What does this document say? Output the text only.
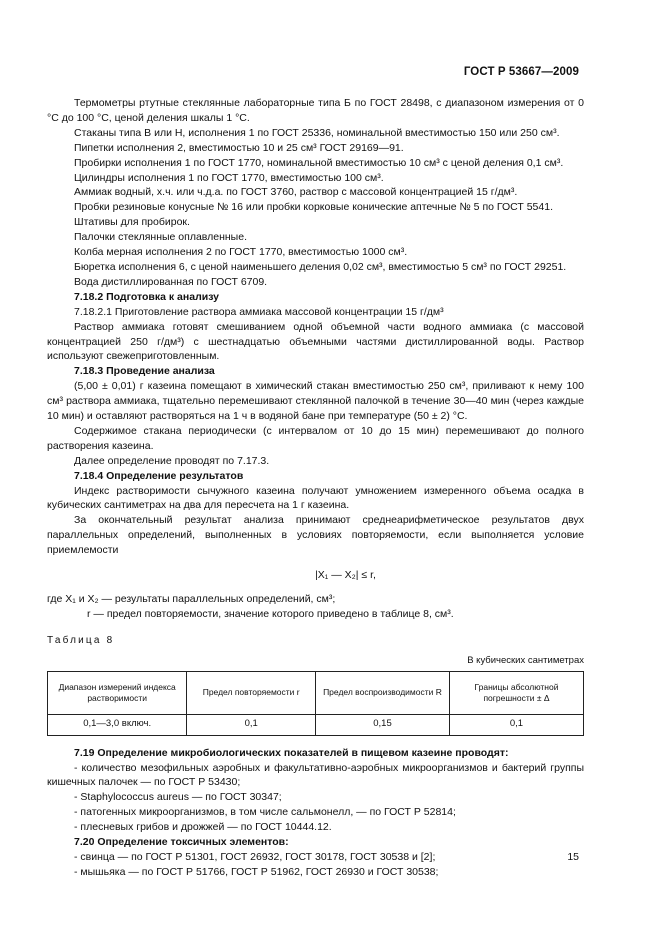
ГОСТ Р 53667—2009

Термометры ртутные стеклянные лабораторные типа Б по ГОСТ 28498, с диапазоном измерения от 0 °С до 100 °С, ценой деления шкалы 1 °С.

Стаканы типа В или Н, исполнения 1 по ГОСТ 25336, номинальной вместимостью 150 или 250 см³.

Пипетки исполнения 2, вместимостью 10 и 25 см³ ГОСТ 29169—91.

Пробирки исполнения 1 по ГОСТ 1770, номинальной вместимостью 10 см³ с ценой деления 0,1 см³.

Цилиндры исполнения 1 по ГОСТ 1770, вместимостью 100 см³.

Аммиак водный, х.ч. или ч.д.а. по ГОСТ 3760, раствор с массовой концентрацией 15 г/дм³.

Пробки резиновые конусные № 16 или пробки корковые конические аптечные № 5 по ГОСТ 5541.

Штативы для пробирок.

Палочки стеклянные оплавленные.

Колба мерная исполнения 2 по ГОСТ 1770, вместимостью 1000 см³.

Бюретка исполнения 6, с ценой наименьшего деления 0,02 см³, вместимостью 5 см³ по ГОСТ 29251.

Вода дистиллированная по ГОСТ 6709.

7.18.2 Подготовка к анализу

7.18.2.1 Приготовление раствора аммиака массовой концентрации 15 г/дм³

Раствор аммиака готовят смешиванием одной объемной части водного аммиака (с массовой концентрацией 250 г/дм³) с шестнадцатью объемными частями дистиллированной воды. Раствор используют свежеприготовленным.

7.18.3 Проведение анализа

(5,00 ± 0,01) г казеина помещают в химический стакан вместимостью 250 см³, приливают к нему 100 см³ раствора аммиака, тщательно перемешивают стеклянной палочкой в течение 30—40 мин (через каждые 10 мин) и оставляют растворяться на 1 ч в водяной бане при температуре (50 ± 2) °С.

Содержимое стакана периодически (с интервалом от 10 до 15 мин) перемешивают до полного растворения казеина.

Далее определение проводят по 7.17.3.

7.18.4 Определение результатов

Индекс растворимости сычужного казеина получают умножением измеренного объема осадка в кубических сантиметрах на два для пересчета на 1 г казеина.

За окончательный результат анализа принимают среднеарифметическое результатов двух параллельных определений, выполненных в условиях повторяемости, если выполняется условие приемлемости

|X₁ — X₂| ≤ r,

где X₁ и X₂ — результаты параллельных определений, см³;

r — предел повторяемости, значение которого приведено в таблице 8, см³.

Таблица 8
В кубических сантиметрах
Диапазон измерений индекса растворимости	Предел повторяемости r	Предел воспроизводимости R	Границы абсолютной погрешности ± Δ
0,1—3,0 включ.	0,1	0,15	0,1

7.19 Определение микробиологических показателей в пищевом казеине проводят:

- количество мезофильных аэробных и факультативно-аэробных микроорганизмов и бактерий группы кишечных палочек — по ГОСТ Р 53430;

- Staphylococcus aureus — по ГОСТ 30347;

- патогенных микроорганизмов, в том числе сальмонелл, — по ГОСТ Р 52814;

- плесневых грибов и дрожжей — по ГОСТ 10444.12.

7.20 Определение токсичных элементов:

- свинца — по ГОСТ Р 51301, ГОСТ 26932, ГОСТ 30178, ГОСТ 30538 и [2];

- мышьяка — по ГОСТ Р 51766, ГОСТ Р 51962, ГОСТ 26930 и ГОСТ 30538;

15
